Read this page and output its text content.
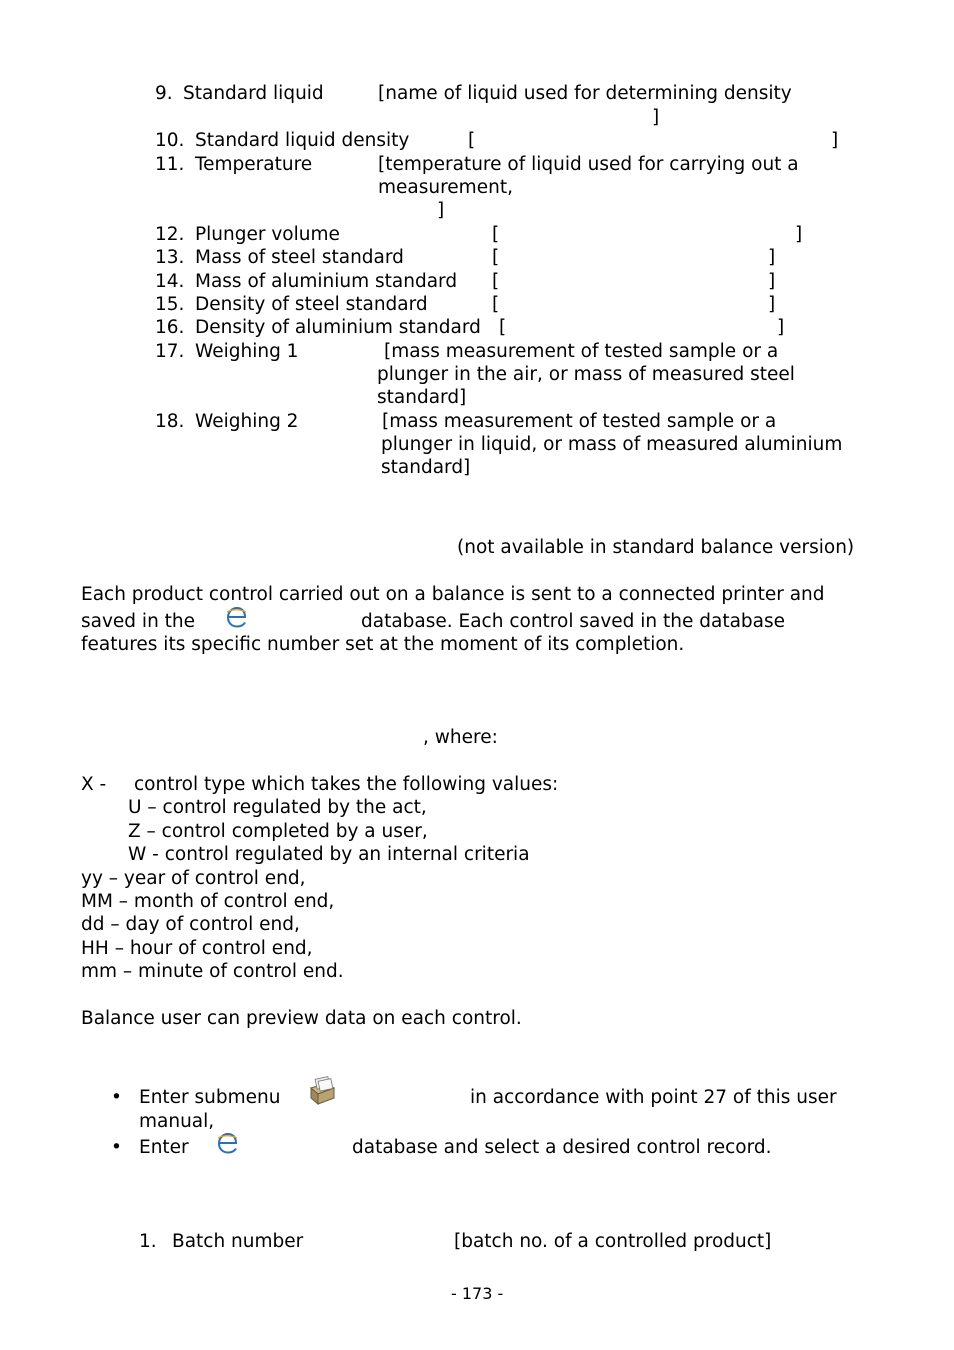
9. Standard liquid	[name of liquid used for determining density
]
10. Standard liquid density	[	]
11. Temperature	[temperature of liquid used for carrying out a
measurement,
]
12. Plunger volume	[	]
13. Mass of steel standard	[	]
14. Mass of aluminium standard [	]
15. Density of steel standard	[	]
16. Density of aluminium standard [	]
17. Weighing 1	[mass measurement of tested sample or a
plunger in the air, or mass of measured steel
standard]
18. Weighing 2	[mass measurement of tested sample or a
plunger in liquid, or mass of measured aluminium
standard]
(not available in standard balance version)
Each product control carried out on a balance is sent to a connected printer and
saved in the	database. Each control saved in the database
features its specific number set at the moment of its completion.
, where:
X - control type which takes the following values:
U – control regulated by the act,
Z – control completed by a user,
W - control regulated by an internal criteria
yy – year of control end,
MM – month of control end,
dd – day of control end,
HH – hour of control end,
mm – minute of control end.
Balance user can preview data on each control.
• Enter submenu	in accordance with point 27 of this user
manual,
• Enter	database and select a desired control record.
1. Batch number	[batch no. of a controlled product]
- 173 -
